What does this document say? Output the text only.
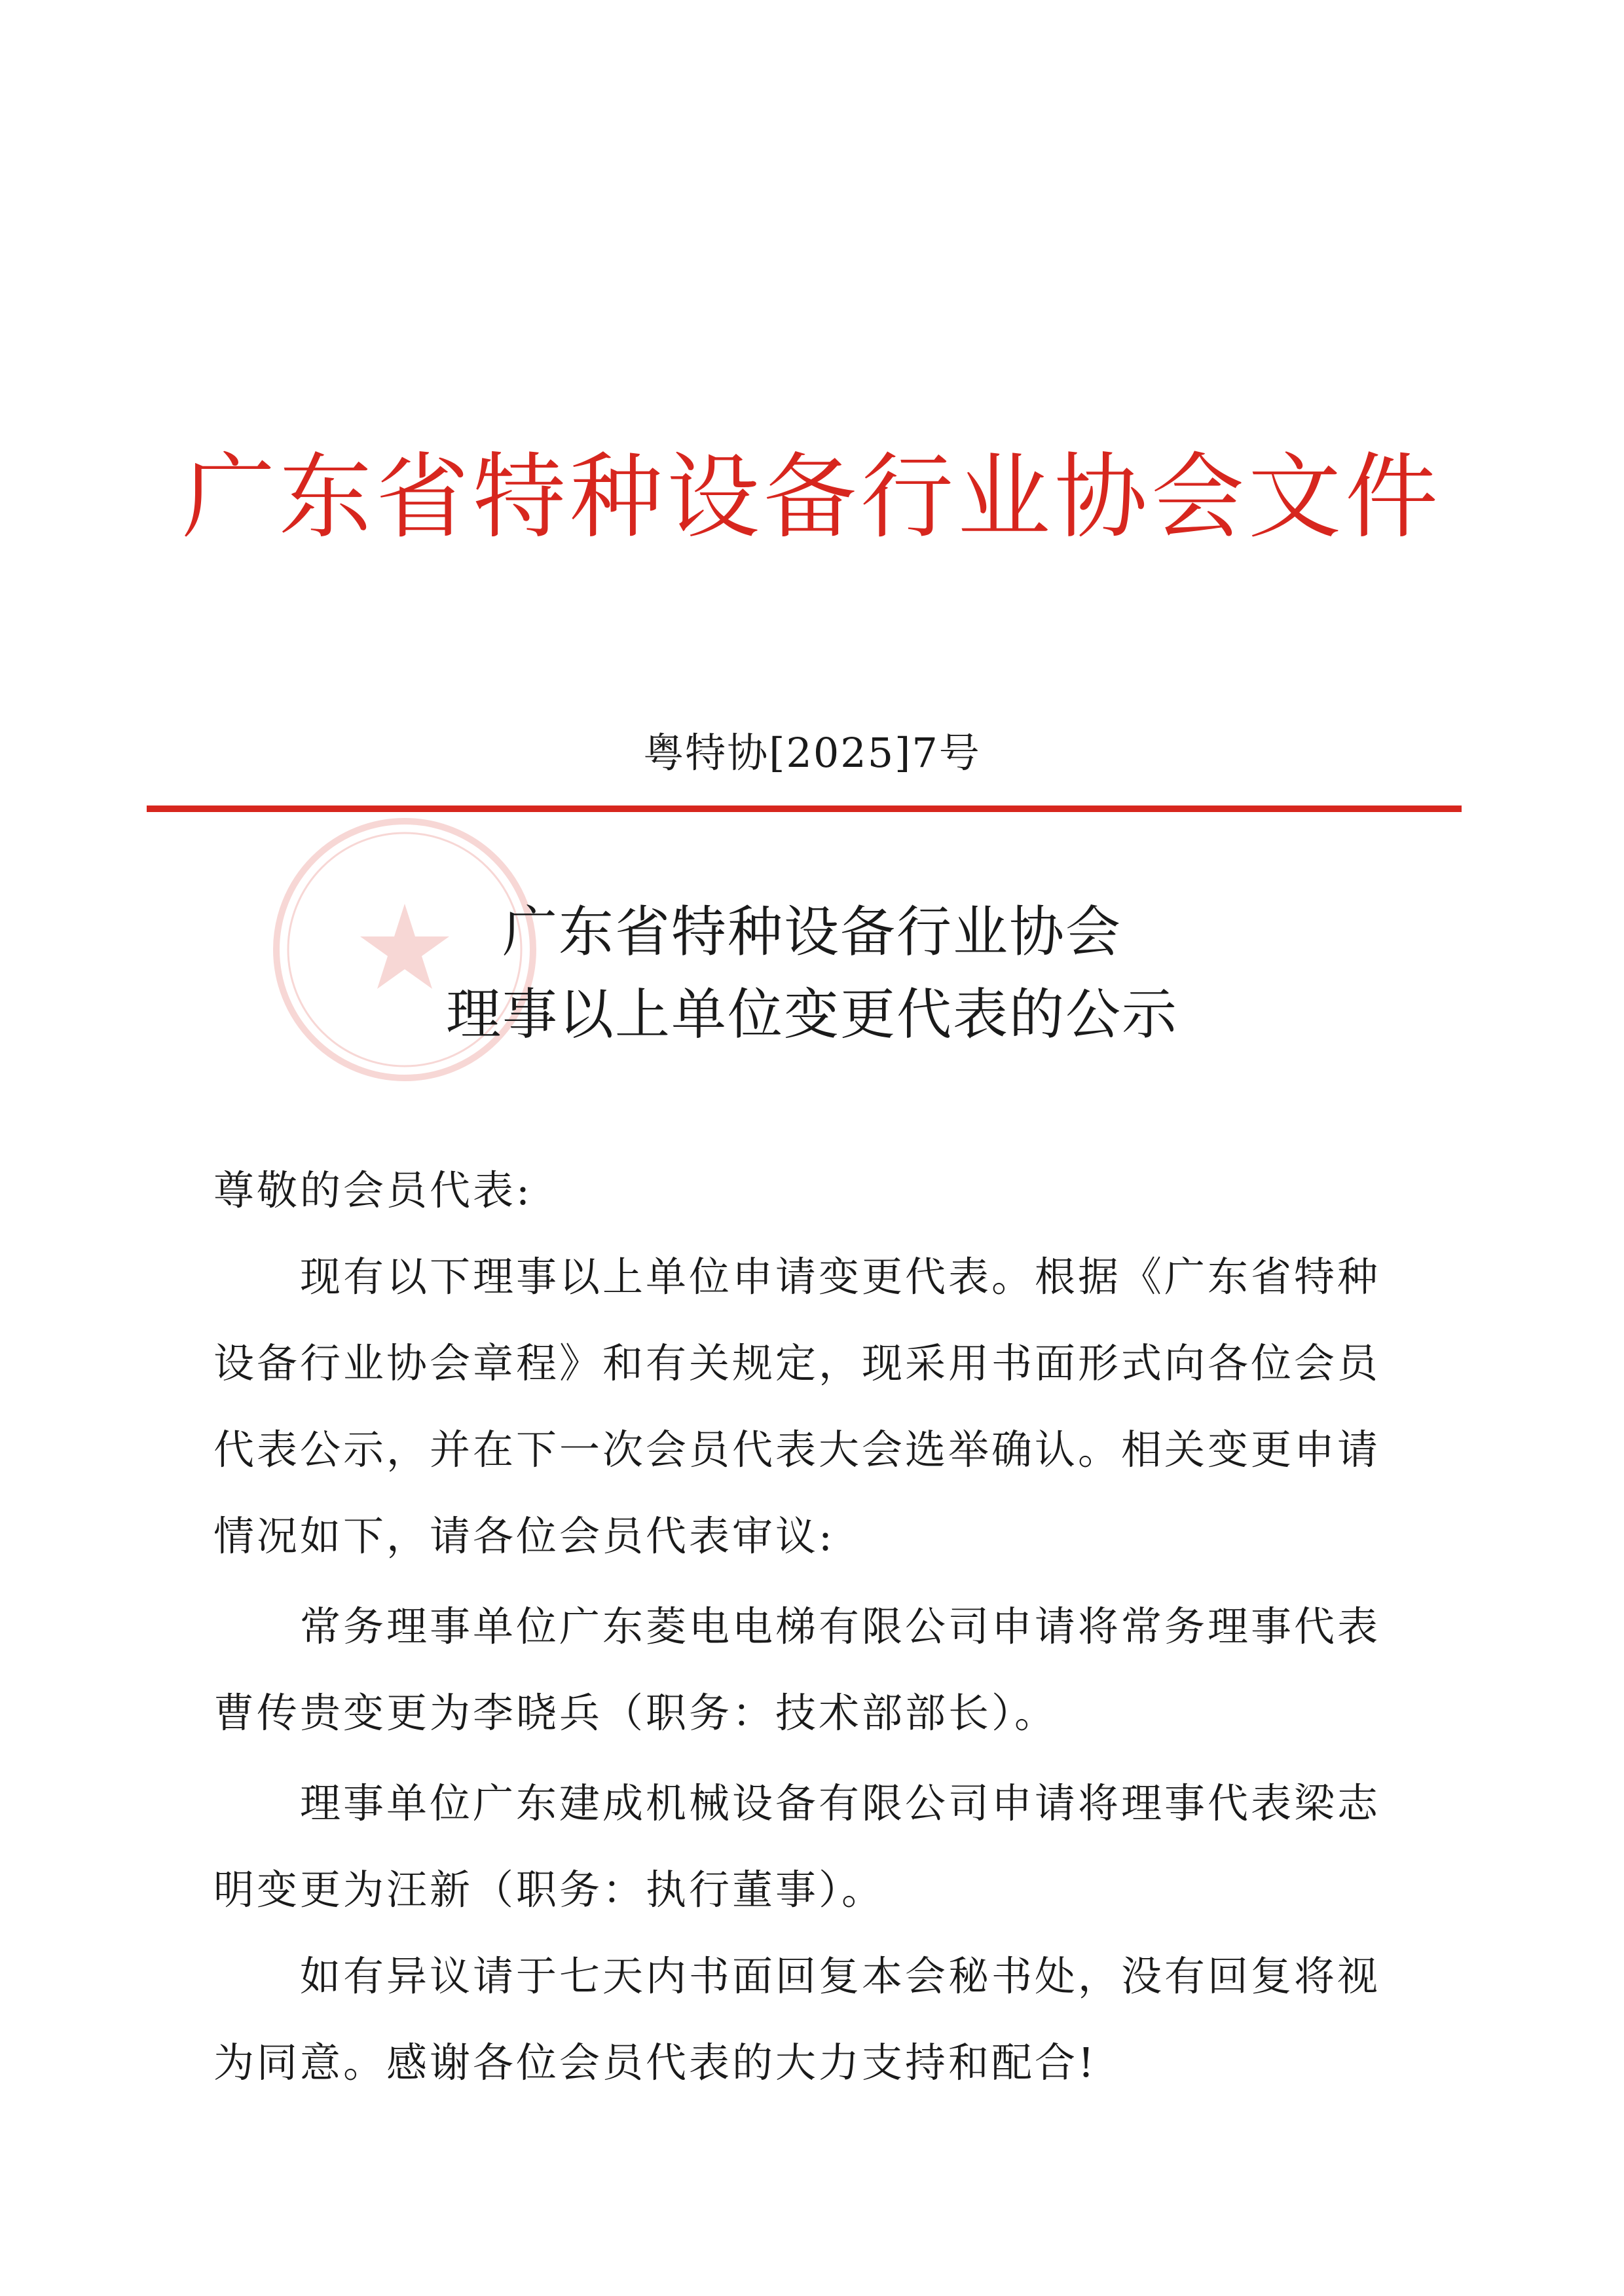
广东省特种设备行业协会文件
粤特协[2025]7号
广东省特种设备行业协会
理事以上单位变更代表的公示

尊敬的会员代表:

现有以下理事以上单位申请变更代表。根据《广东省特种设备行业协会章程》和有关规定，现采用书面形式向各位会员代表公示，并在下一次会员代表大会选举确认。相关变更申请情况如下，请各位会员代表审议:

常务理事单位广东菱电电梯有限公司申请将常务理事代表曹传贵变更为李晓兵（职务：技术部部长）。

理事单位广东建成机械设备有限公司申请将理事代表梁志明变更为汪新（职务：执行董事）。

如有异议请于七天内书面回复本会秘书处，没有回复将视为同意。感谢各位会员代表的大力支持和配合!
